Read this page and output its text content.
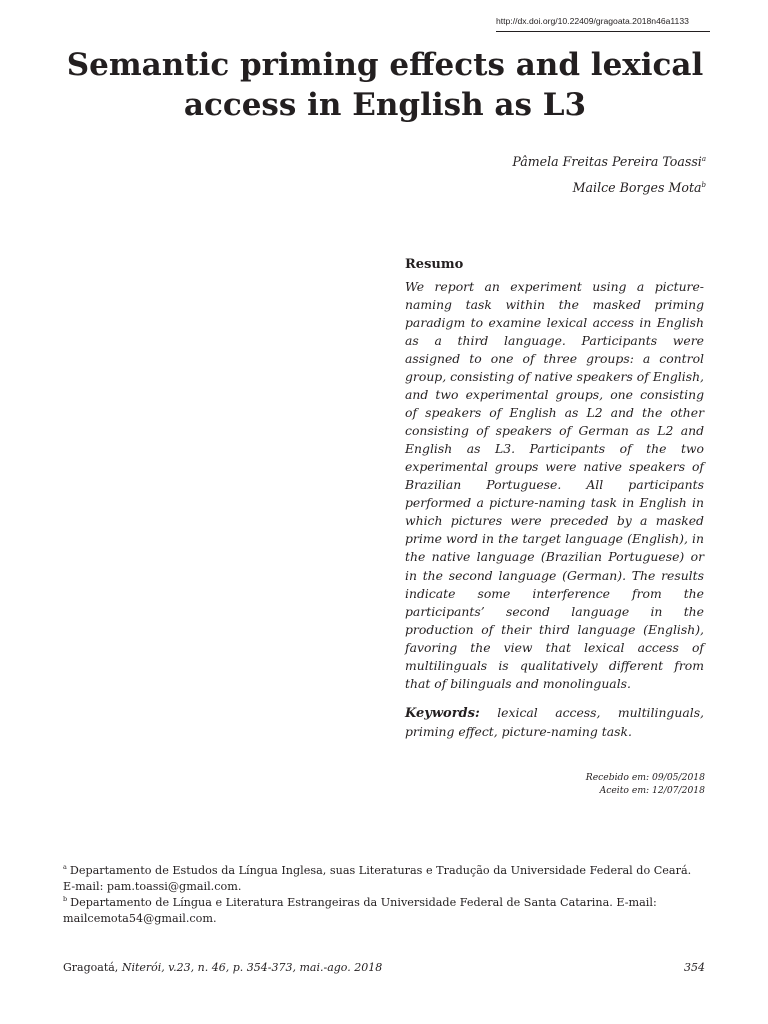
http://dx.doi.org/10.22409/gragoata.2018n46a1133
Semantic priming effects and lexical
access in English as L3
Pâmela Freitas Pereira Toassi$^a$
Mailce Borges Mota$^b$
Resumo

We report an experiment using a picture-naming task within the masked priming paradigm to examine lexical access in English as a third language. Participants were assigned to one of three groups: a control group, consisting of native speakers of English, and two experimental groups, one consisting of speakers of English as L2 and the other consisting of speakers of German as L2 and English as L3. Participants of the two experimental groups were native speakers of Brazilian Portuguese. All participants performed a picture-naming task in English in which pictures were preceded by a masked prime word in the target language (English), in the native language (Brazilian Portuguese) or in the second language (German). The results indicate some interference from the participants’ second language in the production of their third language (English), favoring the view that lexical access of multilinguals is qualitatively different from that of bilinguals and monolinguals.

Keywords: lexical access, multilinguals, priming effect, picture-naming task.

Recebido em: 09/05/2018
Aceito em: 12/07/2018

$^a$ Departamento de Estudos da Língua Inglesa, suas Literaturas e Tradução da Universidade Federal do Ceará. E-mail: pam.toassi@gmail.com.

$^b$ Departamento de Língua e Literatura Estrangeiras da Universidade Federal de Santa Catarina. E-mail: mailcemota54@gmail.com.

Gragoatá, Niterói, v.23, n. 46, p. 354-373, mai.-ago. 2018	354
